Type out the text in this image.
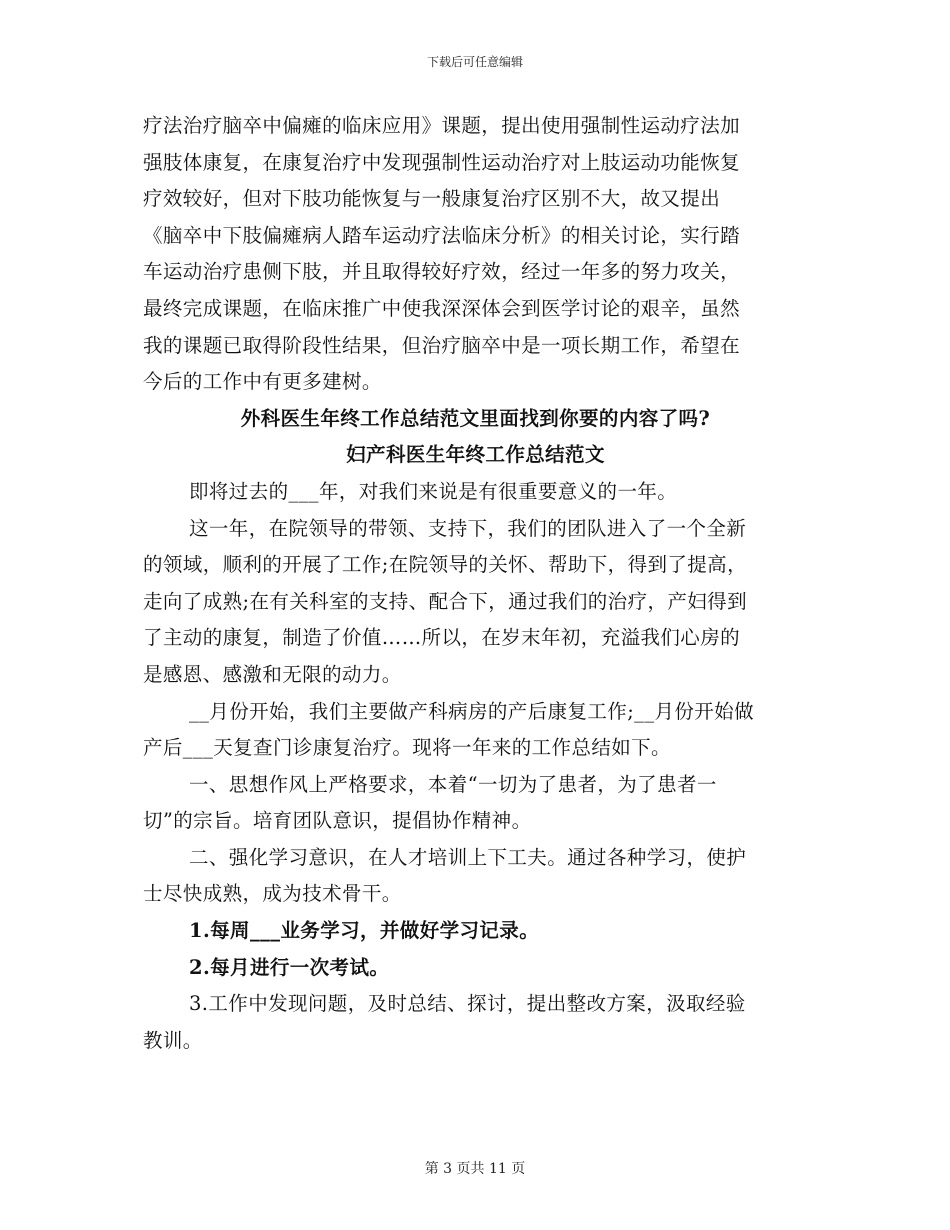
下载后可任意编辑
疗法治疗脑卒中偏瘫的临床应用》课题，提出使用强制性运动疗法加
强肢体康复，在康复治疗中发现强制性运动治疗对上肢运动功能恢复
疗效较好，但对下肢功能恢复与一般康复治疗区别不大，故又提出
《脑卒中下肢偏瘫病人踏车运动疗法临床分析》的相关讨论，实行踏
车运动治疗患侧下肢，并且取得较好疗效，经过一年多的努力攻关，
最终完成课题，在临床推广中使我深深体会到医学讨论的艰辛，虽然
我的课题已取得阶段性结果，但治疗脑卒中是一项长期工作，希望在
今后的工作中有更多建树。
外科医生年终工作总结范文里面找到你要的内容了吗?
妇产科医生年终工作总结范文
即将过去的___年，对我们来说是有很重要意义的一年。
这一年，在院领导的带领、支持下，我们的团队进入了一个全新
的领域，顺利的开展了工作;在院领导的关怀、帮助下，得到了提高，
走向了成熟;在有关科室的支持、配合下，通过我们的治疗，产妇得到
了主动的康复，制造了价值……所以，在岁末年初，充溢我们心房的
是感恩、感激和无限的动力。
__月份开始，我们主要做产科病房的产后康复工作;__月份开始做
产后___天复查门诊康复治疗。现将一年来的工作总结如下。
一、思想作风上严格要求，本着“一切为了患者，为了患者一
切”的宗旨。培育团队意识，提倡协作精神。
二、强化学习意识，在人才培训上下工夫。通过各种学习，使护
士尽快成熟，成为技术骨干。
1.每周___业务学习，并做好学习记录。
2.每月进行一次考试。
3.工作中发现问题，及时总结、探讨，提出整改方案，汲取经验
教训。
第 3 页共 11 页
